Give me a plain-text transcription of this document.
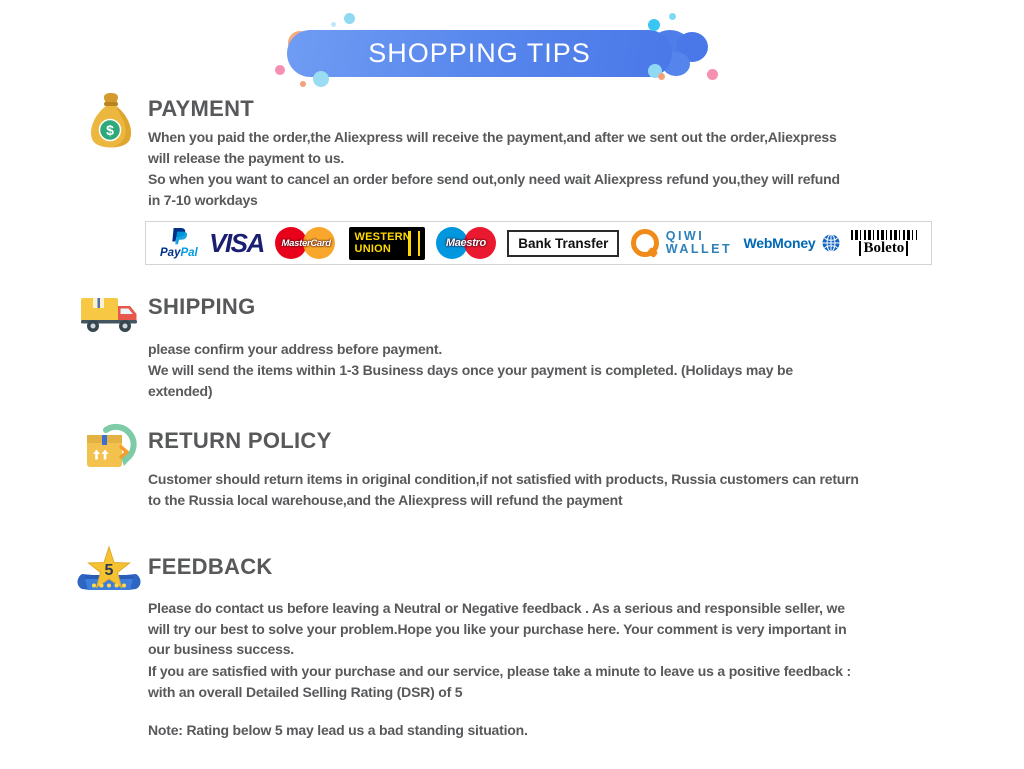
SHOPPING TIPS
$
PAYMENT

When you paid the order,the Aliexpress will receive the payment,and after we sent out the order,Aliexpress
will release the payment to us.

So when you want to cancel an order before send out,only need wait Aliexpress refund you,they will refund
in 7-10 workdays

PayPal VISA	MasterCard
WESTERN
UNION	Maestro	Bank Transfer	QIWI
WALLET WebMoney	Boleto
SHIPPING

please confirm your address before payment.

We will send the items within 1-3 Business days once your payment is completed. (Holidays may be
extended)

RETURN POLICY

Customer should return items in original condition,if not satisfied with products, Russia customers can return
to the Russia local warehouse,and the Aliexpress will refund the payment

5 FEEDBACK

Please do contact us before leaving a Neutral or Negative feedback . As a serious and responsible seller, we
will try our best to solve your problem.Hope you like your purchase here. Your comment is very important in
our business success.

If you are satisfied with your purchase and our service, please take a minute to leave us a positive feedback :
with an overall Detailed Selling Rating (DSR) of 5

Note: Rating below 5 may lead us a bad standing situation.
